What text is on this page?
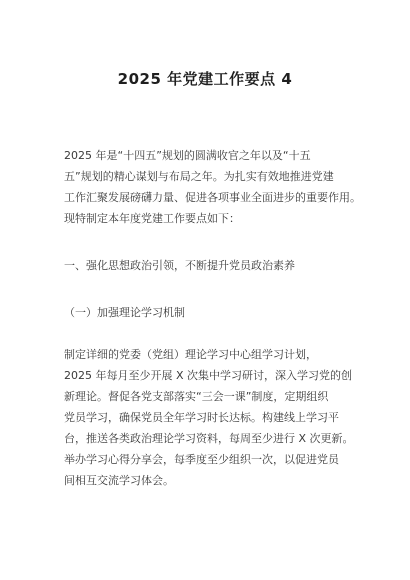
2025 年党建工作要点 4
2025 年是“十四五”规划的圆满收官之年以及“十五
五”规划的精心谋划与布局之年。为扎实有效地推进党建
工作汇聚发展磅礴力量、促进各项事业全面进步的重要作用。
现特制定本年度党建工作要点如下：
一、强化思想政治引领，不断提升党员政治素养
（一）加强理论学习机制
制定详细的党委（党组）理论学习中心组学习计划，
2025 年每月至少开展 X 次集中学习研讨，深入学习党的创
新理论。督促各党支部落实“三会一课”制度，定期组织
党员学习，确保党员全年学习时长达标。构建线上学习平
台，推送各类政治理论学习资料，每周至少进行 X 次更新。
举办学习心得分享会，每季度至少组织一次，以促进党员
间相互交流学习体会。
